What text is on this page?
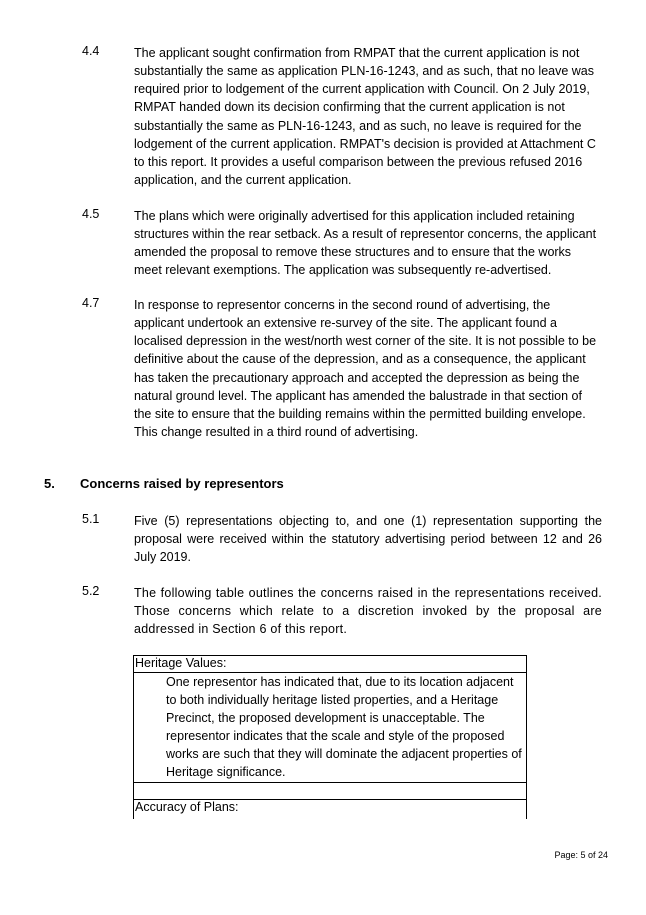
4.4	The applicant sought confirmation from RMPAT that the current application is not substantially the same as application PLN-16-1243, and as such, that no leave was required prior to lodgement of the current application with Council. On 2 July 2019, RMPAT handed down its decision confirming that the current application is not substantially the same as PLN-16-1243, and as such, no leave is required for the lodgement of the current application. RMPAT's decision is provided at Attachment C to this report. It provides a useful comparison between the previous refused 2016 application, and the current application.

4.5	The plans which were originally advertised for this application included retaining structures within the rear setback. As a result of representor concerns, the applicant amended the proposal to remove these structures and to ensure that the works meet relevant exemptions. The application was subsequently re-advertised.

4.7	In response to representor concerns in the second round of advertising, the applicant undertook an extensive re-survey of the site. The applicant found a localised depression in the west/north west corner of the site. It is not possible to be definitive about the cause of the depression, and as a consequence, the applicant has taken the precautionary approach and accepted the depression as being the natural ground level. The applicant has amended the balustrade in that section of the site to ensure that the building remains within the permitted building envelope. This change resulted in a third round of advertising.

5. Concerns raised by representors
5.1	Five (5) representations objecting to, and one (1) representation supporting the proposal were received within the statutory advertising period between 12 and 26 July 2019.

5.2	The following table outlines the concerns raised in the representations received. Those concerns which relate to a discretion invoked by the proposal are addressed in Section 6 of this report.

Heritage Values:
One representor has indicated that, due to its location adjacent to both individually heritage listed properties, and a Heritage Precinct, the proposed development is unacceptable. The representor indicates that the scale and style of the proposed works are such that they will dominate the adjacent properties of Heritage significance.
Accuracy of Plans:
Page: 5 of 24
